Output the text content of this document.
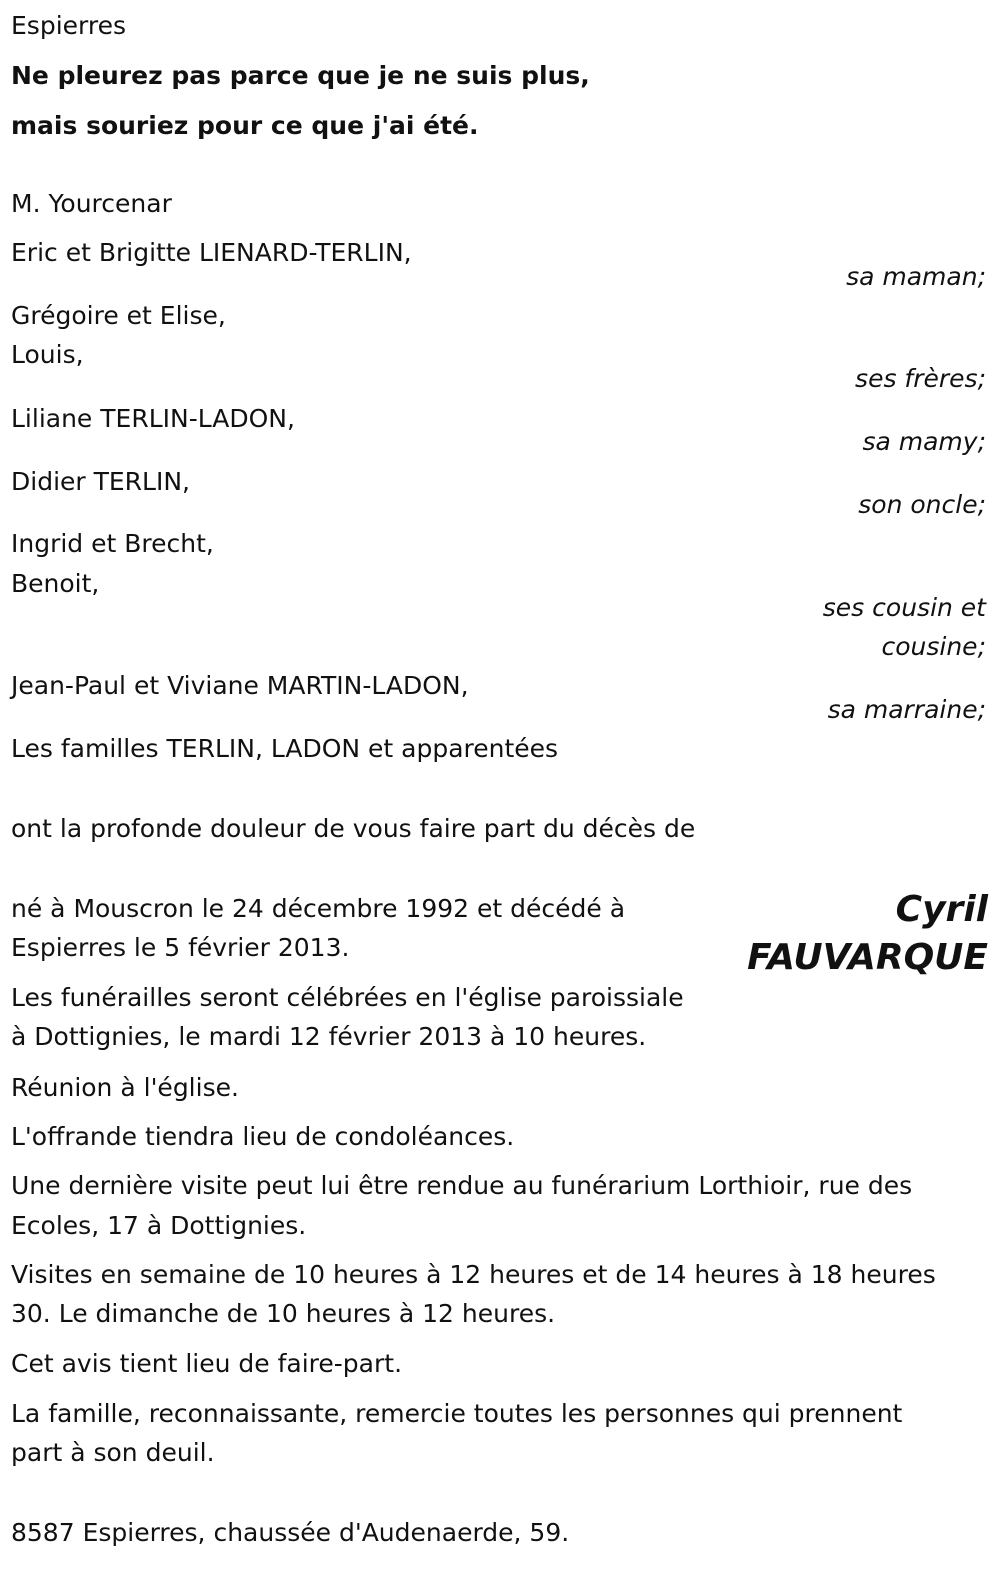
Espierres
Ne pleurez pas parce que je ne suis plus,
mais souriez pour ce que j'ai été.
M. Yourcenar
Eric et Brigitte LIENARD-TERLIN,
sa maman;
Grégoire et Elise,
Louis,
ses frères;
Liliane TERLIN-LADON,
sa mamy;
Didier TERLIN,
son oncle;
Ingrid et Brecht,
Benoit,
ses cousin et
cousine;
Jean-Paul et Viviane MARTIN-LADON,
sa marraine;
Les familles TERLIN, LADON et apparentées
ont la profonde douleur de vous faire part du décès de
Cyril
FAUVARQUE
né à Mouscron le 24 décembre 1992 et décédé à
Espierres le 5 février 2013.
Les funérailles seront célébrées en l'église paroissiale
à Dottignies, le mardi 12 février 2013 à 10 heures.
Réunion à l'église.
L'offrande tiendra lieu de condoléances.
Une dernière visite peut lui être rendue au funérarium Lorthioir, rue des
Ecoles, 17 à Dottignies.
Visites en semaine de 10 heures à 12 heures et de 14 heures à 18 heures
30. Le dimanche de 10 heures à 12 heures.
Cet avis tient lieu de faire-part.
La famille, reconnaissante, remercie toutes les personnes qui prennent
part à son deuil.
8587 Espierres, chaussée d'Audenaerde, 59.
